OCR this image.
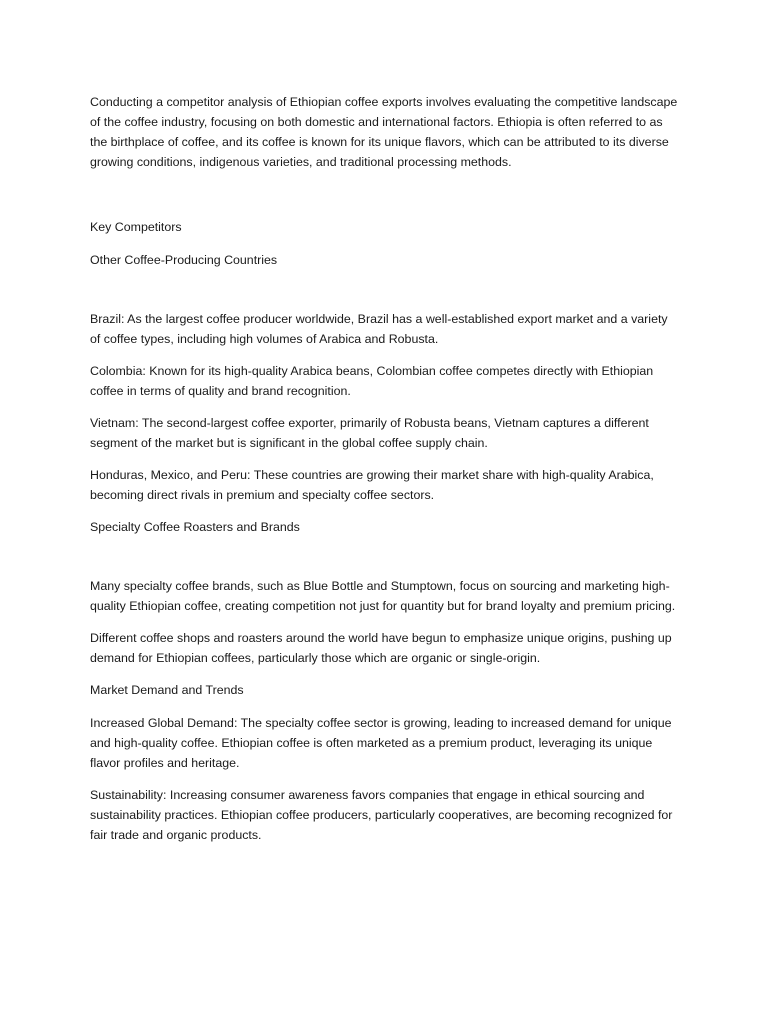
Conducting a competitor analysis of Ethiopian coffee exports involves evaluating the competitive landscape of the coffee industry, focusing on both domestic and international factors. Ethiopia is often referred to as the birthplace of coffee, and its coffee is known for its unique flavors, which can be attributed to its diverse growing conditions, indigenous varieties, and traditional processing methods.

Key Competitors

Other Coffee-Producing Countries

Brazil: As the largest coffee producer worldwide, Brazil has a well-established export market and a variety of coffee types, including high volumes of Arabica and Robusta.

Colombia: Known for its high-quality Arabica beans, Colombian coffee competes directly with Ethiopian coffee in terms of quality and brand recognition.

Vietnam: The second-largest coffee exporter, primarily of Robusta beans, Vietnam captures a different segment of the market but is significant in the global coffee supply chain.

Honduras, Mexico, and Peru: These countries are growing their market share with high-quality Arabica, becoming direct rivals in premium and specialty coffee sectors.

Specialty Coffee Roasters and Brands

Many specialty coffee brands, such as Blue Bottle and Stumptown, focus on sourcing and marketing high-quality Ethiopian coffee, creating competition not just for quantity but for brand loyalty and premium pricing.

Different coffee shops and roasters around the world have begun to emphasize unique origins, pushing up demand for Ethiopian coffees, particularly those which are organic or single-origin.

Market Demand and Trends

Increased Global Demand: The specialty coffee sector is growing, leading to increased demand for unique and high-quality coffee. Ethiopian coffee is often marketed as a premium product, leveraging its unique flavor profiles and heritage.

Sustainability: Increasing consumer awareness favors companies that engage in ethical sourcing and sustainability practices. Ethiopian coffee producers, particularly cooperatives, are becoming recognized for fair trade and organic products.
